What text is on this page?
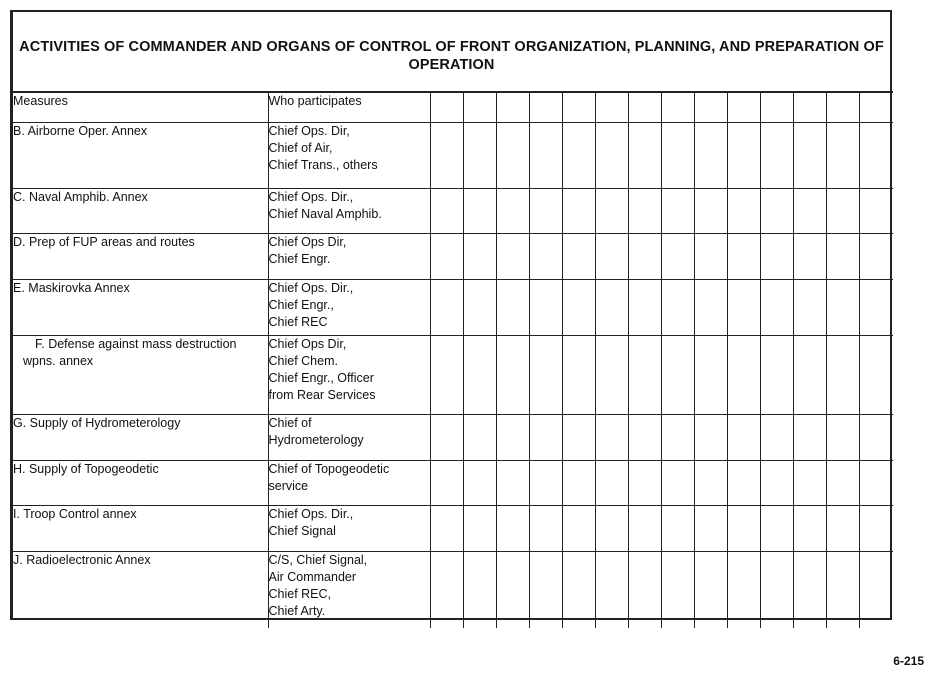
ACTIVITIES OF COMMANDER AND ORGANS OF CONTROL OF FRONT ORGANIZATION, PLANNING, AND PREPARATION OF OPERATION
Measures	Who participates														
B. Airborne Oper. Annex	Chief Ops. Dir,
Chief of Air,
Chief Trans., others														
C. Naval Amphib. Annex	Chief Ops. Dir.,
Chief Naval Amphib.														
D. Prep of FUP areas and routes	Chief Ops Dir,
Chief Engr.														
E. Maskirovka Annex	Chief Ops. Dir.,
Chief Engr.,
Chief REC														
F. Defense against mass destruction wpns. annex	Chief Ops Dir,
Chief Chem.
Chief Engr., Officer
from Rear Services														
G. Supply of Hydrometerology	Chief of
Hydrometerology														
H. Supply of Topogeodetic	Chief of Topogeodetic
service														
I. Troop Control annex	Chief Ops. Dir.,
Chief Signal														
J. Radioelectronic Annex	C/S, Chief Signal,
Air Commander
Chief REC,
Chief Arty.														
6-215
